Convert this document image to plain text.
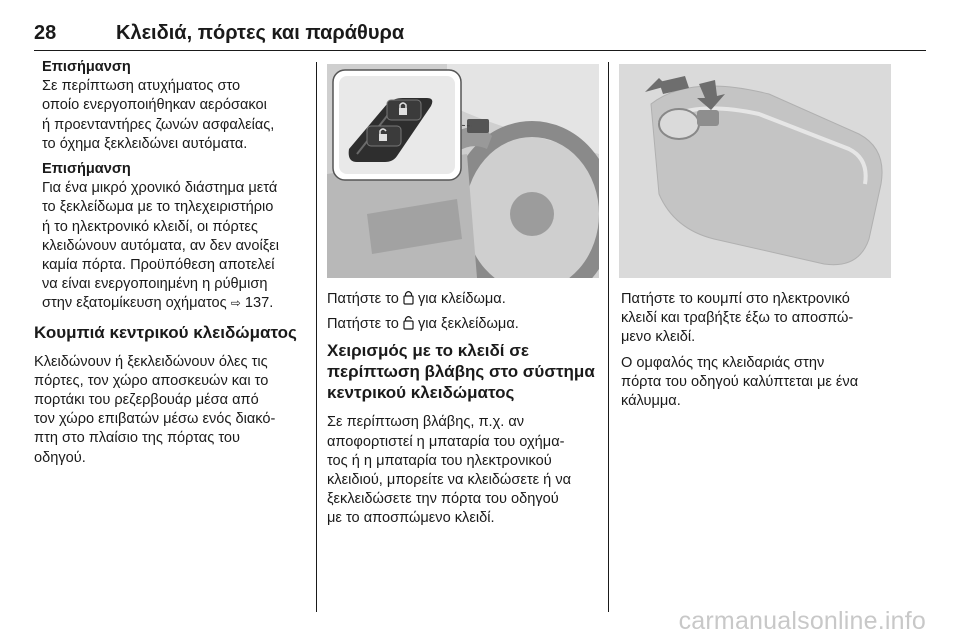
28	Κλειδιά, πόρτες και παράθυρα
Επισήμανση
Σε περίπτωση ατυχήματος στο
οποίο ενεργοποιήθηκαν αερόσακοι
ή προενταντήρες ζωνών ασφαλείας,
το όχημα ξεκλειδώνει αυτόματα.
Επισήμανση
Για ένα μικρό χρονικό διάστημα μετά
το ξεκλείδωμα με το τηλεχειριστήριο
ή το ηλεκτρονικό κλειδί, οι πόρτες
κλειδώνουν αυτόματα, αν δεν ανοίξει
καμία πόρτα. Προϋπόθεση αποτελεί
να είναι ενεργοποιημένη η ρύθμιση
στην εξατομίκευση οχήματος ⇨ 137.
Κουμπιά κεντρικού κλειδώματος
Κλειδώνουν ή ξεκλειδώνουν όλες τις
πόρτες, τον χώρο αποσκευών και το
πορτάκι του ρεζερβουάρ μέσα από
τον χώρο επιβατών μέσω ενός διακό-
πτη στο πλαίσιο της πόρτας του
οδηγού.

Πατήστε το για κλείδωμα.

Πατήστε το για ξεκλείδωμα.

Χειρισμός με το κλειδί σε
περίπτωση βλάβης στο σύστημα
κεντρικού κλειδώματος
Σε περίπτωση βλάβης, π.χ. αν
αποφορτιστεί η μπαταρία του οχήμα-
τος ή η μπαταρία του ηλεκτρονικού
κλειδιού, μπορείτε να κλειδώσετε ή να
ξεκλειδώσετε την πόρτα του οδηγού
με το αποσπώμενο κλειδί.

Πατήστε το κουμπί στο ηλεκτρονικό
κλειδί και τραβήξτε έξω το αποσπώ-
μενο κλειδί.

Ο ομφαλός της κλειδαριάς στην
πόρτα του οδηγού καλύπτεται με ένα
κάλυμμα.

carmanualsonline.info
